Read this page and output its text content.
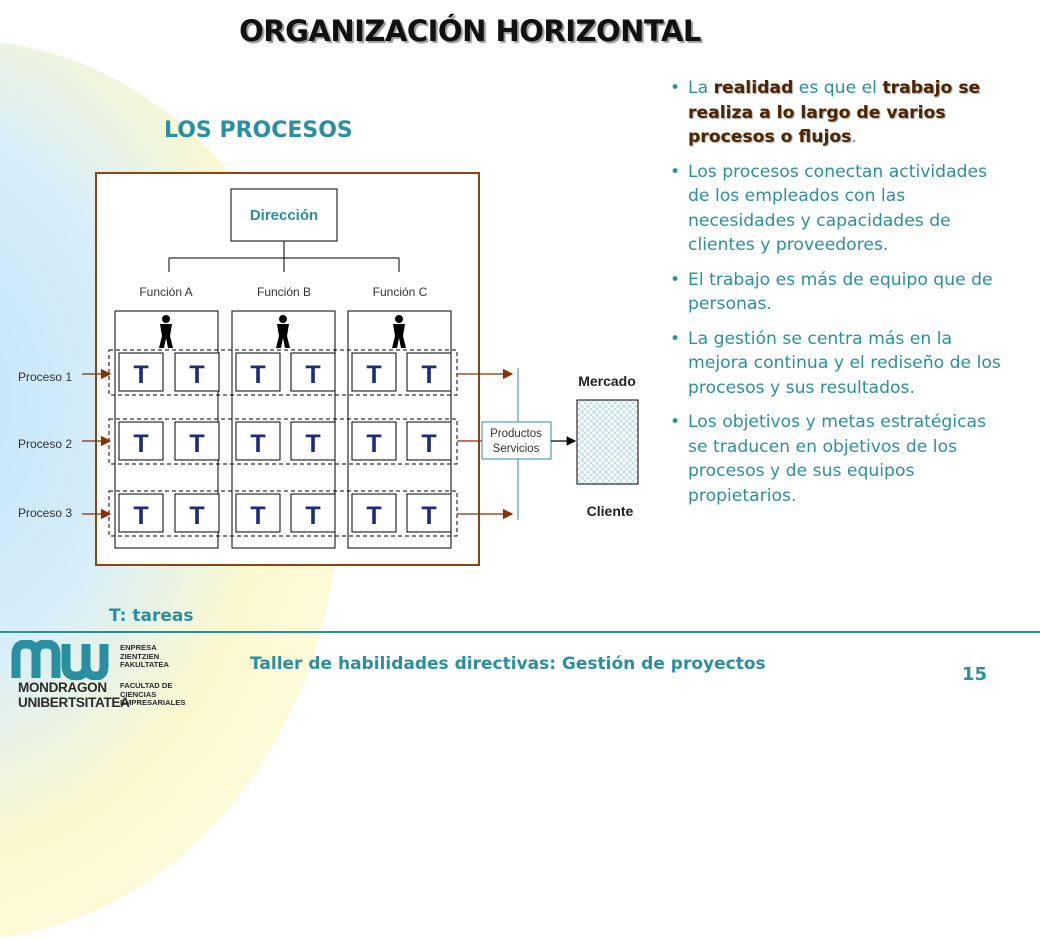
ORGANIZACIÓN HORIZONTAL
LOS PROCESOS
Dirección
Función A	Función B	Función C
T T T T T T
T T T T T T
T T T T T T
Proceso 1
Proceso 2
Proceso 3
Productos
Servicios
Mercado
Cliente
• La realidad es que el trabajo se realiza a lo largo de varios procesos o flujos.
• Los procesos conectan actividades de los empleados con las necesidades y capacidades de clientes y proveedores.
• El trabajo es más de equipo que de personas.
• La gestión se centra más en la mejora continua y el rediseño de los procesos y sus resultados.
• Los objetivos y metas estratégicas se traducen en objetivos de los procesos y de sus equipos propietarios.
T: tareas
MONDRAGON
UNIBERTSITATEA
ENPRESA
ZIENTZIEN
FAKULTATEA
FACULTAD DE
CIENCIAS
EMPRESARIALES
Taller de habilidades directivas: Gestión de proyectos	15
